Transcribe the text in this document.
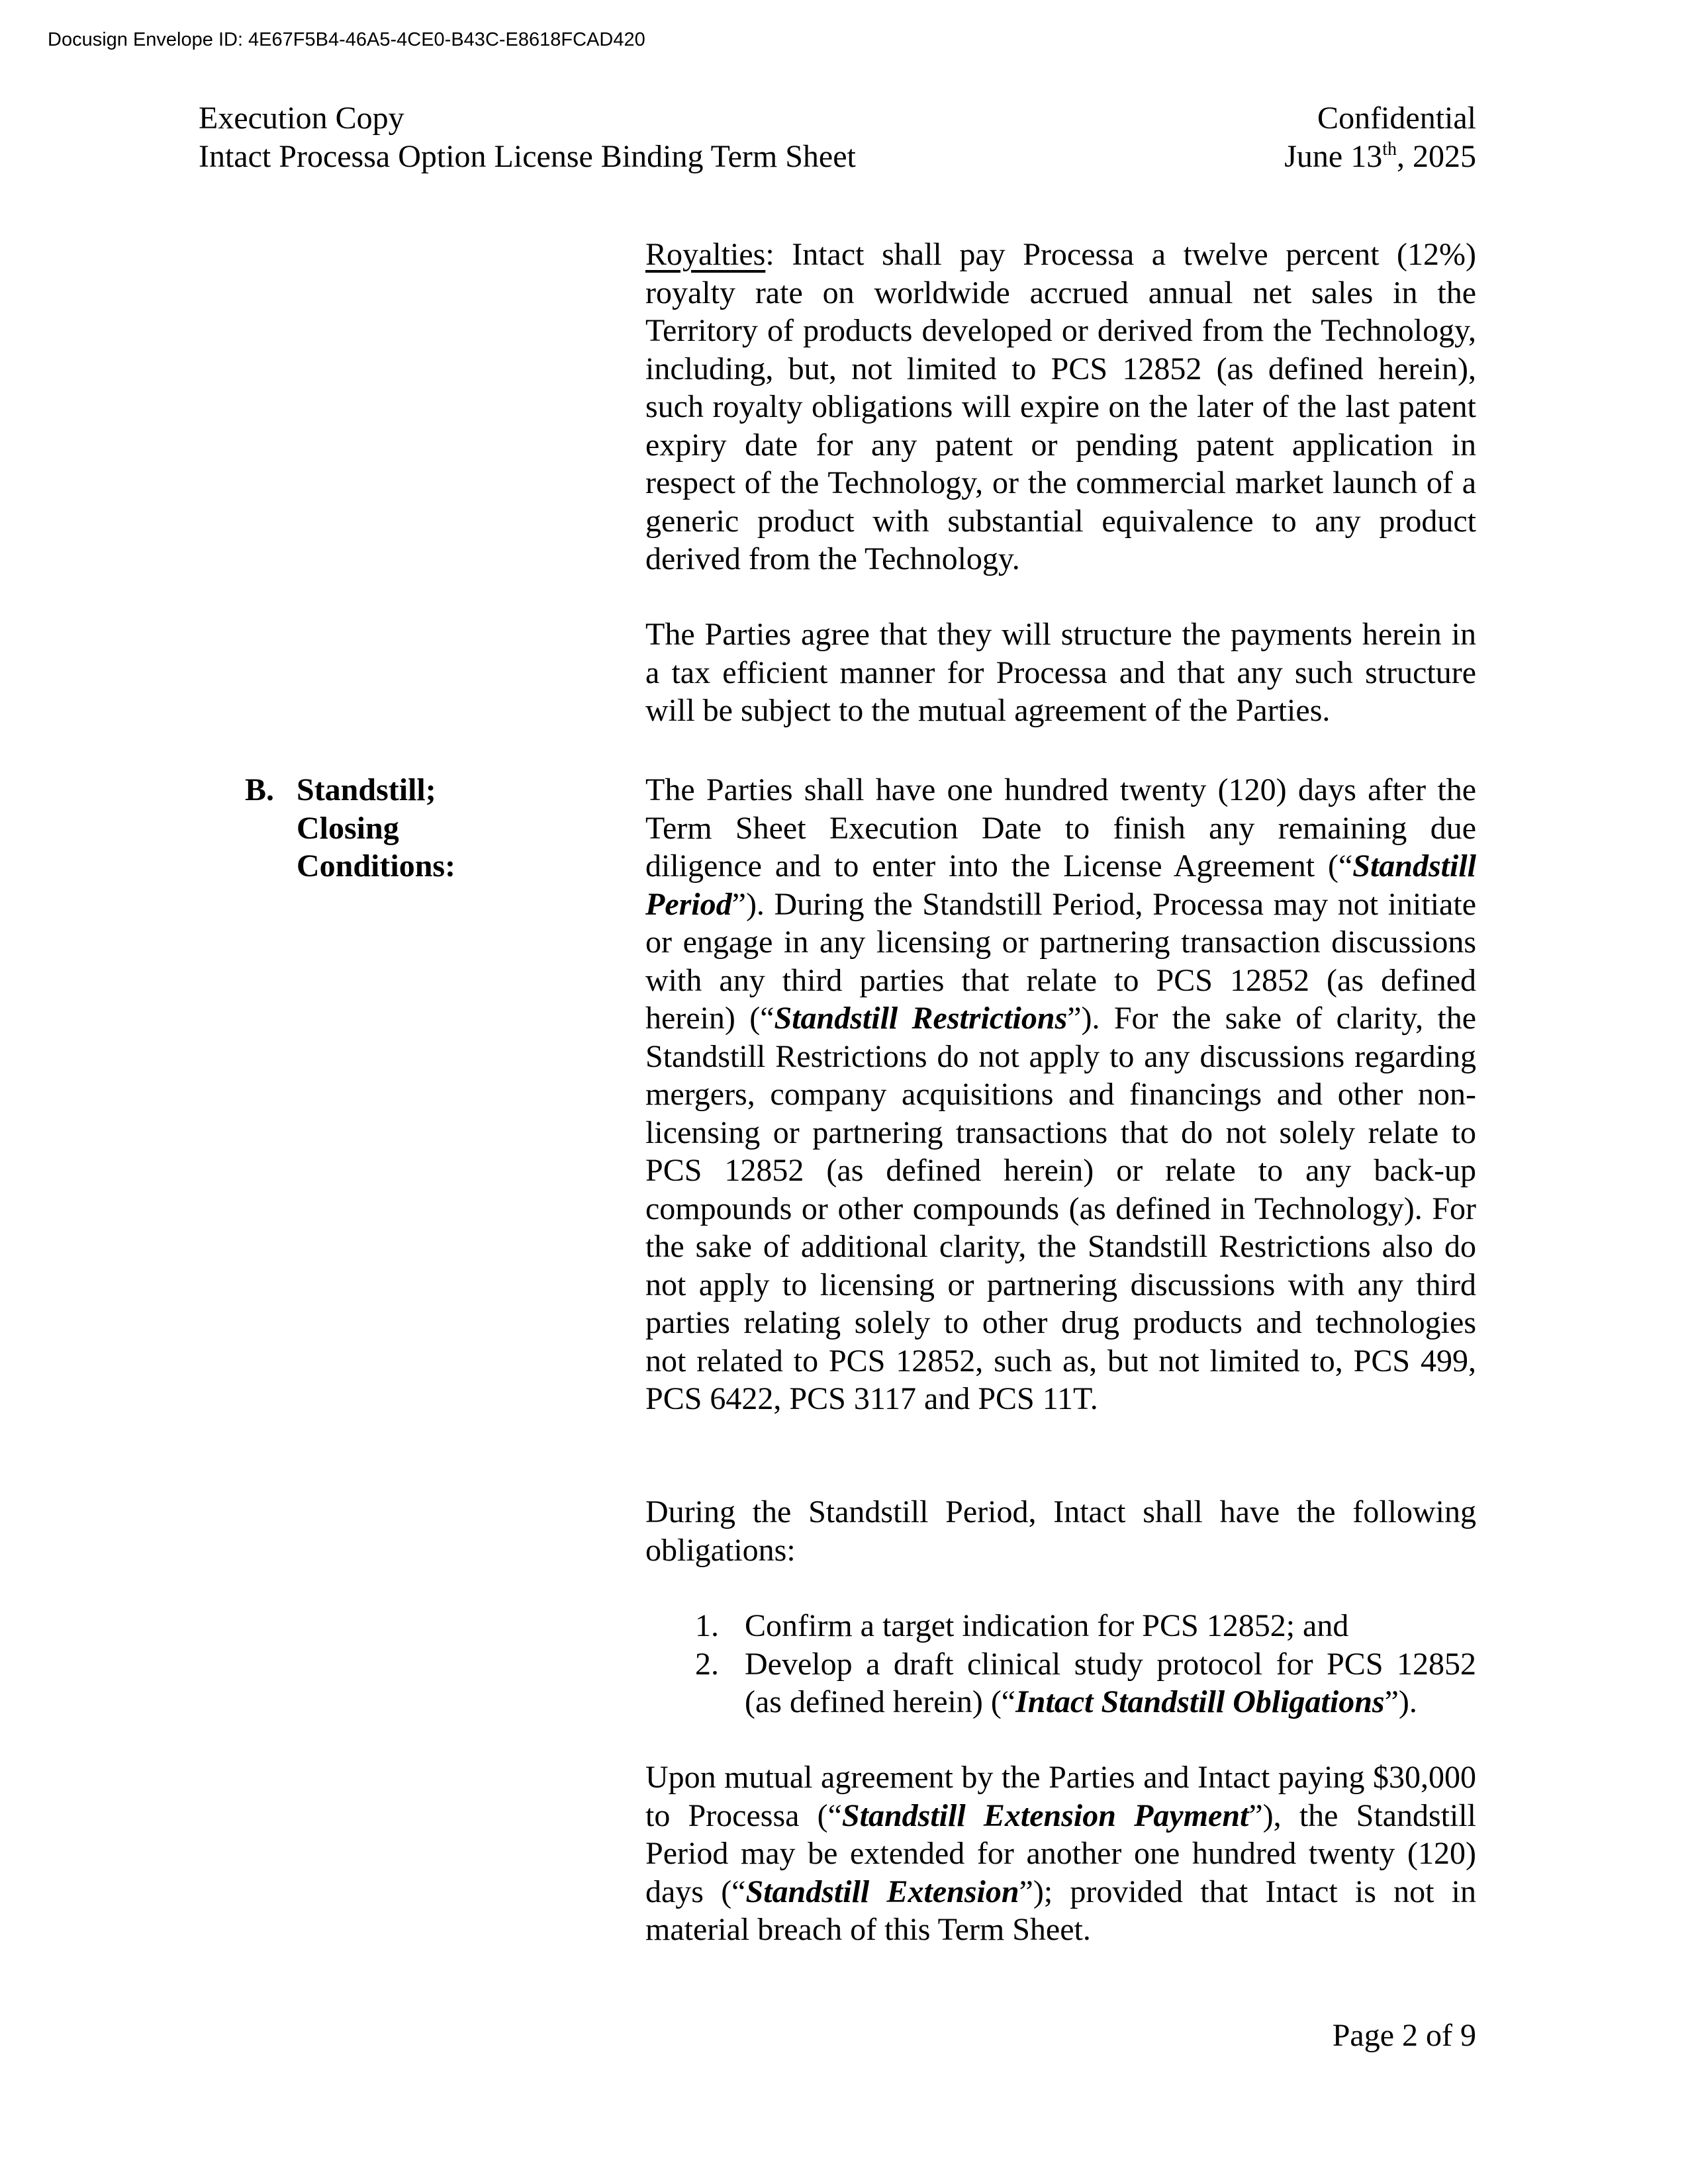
Docusign Envelope ID: 4E67F5B4-46A5-4CE0-B43C-E8618FCAD420
Execution Copy
Intact Processa Option License Binding Term Sheet
Confidential
June 13th, 2025

Royalties: Intact shall pay Processa a twelve percent (12%) royalty rate on worldwide accrued annual net sales in the Territory of products developed or derived from the Technology, including, but, not limited to PCS 12852 (as defined herein), such royalty obligations will expire on the later of the last patent expiry date for any patent or pending patent application in respect of the Technology, or the commercial market launch of a generic product with substantial equivalence to any product derived from the Technology.

The Parties agree that they will structure the payments herein in a tax efficient manner for Processa and that any such structure will be subject to the mutual agreement of the Parties.

B. Standstill;
Closing
Conditions:

The Parties shall have one hundred twenty (120) days after the Term Sheet Execution Date to finish any remaining due diligence and to enter into the License Agreement (“Standstill Period”). During the Standstill Period, Processa may not initiate or engage in any licensing or partnering transaction discussions with any third parties that relate to PCS 12852 (as defined herein) (“Standstill Restrictions”). For the sake of clarity, the Standstill Restrictions do not apply to any discussions regarding mergers, company acquisitions and financings and other non-licensing or partnering transactions that do not solely relate to PCS 12852 (as defined herein) or relate to any back-up compounds or other compounds (as defined in Technology). For the sake of additional clarity, the Standstill Restrictions also do not apply to licensing or partnering discussions with any third parties relating solely to other drug products and technologies not related to PCS 12852, such as, but not limited to, PCS 499, PCS 6422, PCS 3117 and PCS 11T.

During the Standstill Period, Intact shall have the following obligations:

1. Confirm a target indication for PCS 12852; and
2. Develop a draft clinical study protocol for PCS 12852 (as defined herein) (“Intact Standstill Obligations”).

Upon mutual agreement by the Parties and Intact paying $30,000 to Processa (“Standstill Extension Payment”), the Standstill Period may be extended for another one hundred twenty (120) days (“Standstill Extension”); provided that Intact is not in material breach of this Term Sheet.

Page 2 of 9
